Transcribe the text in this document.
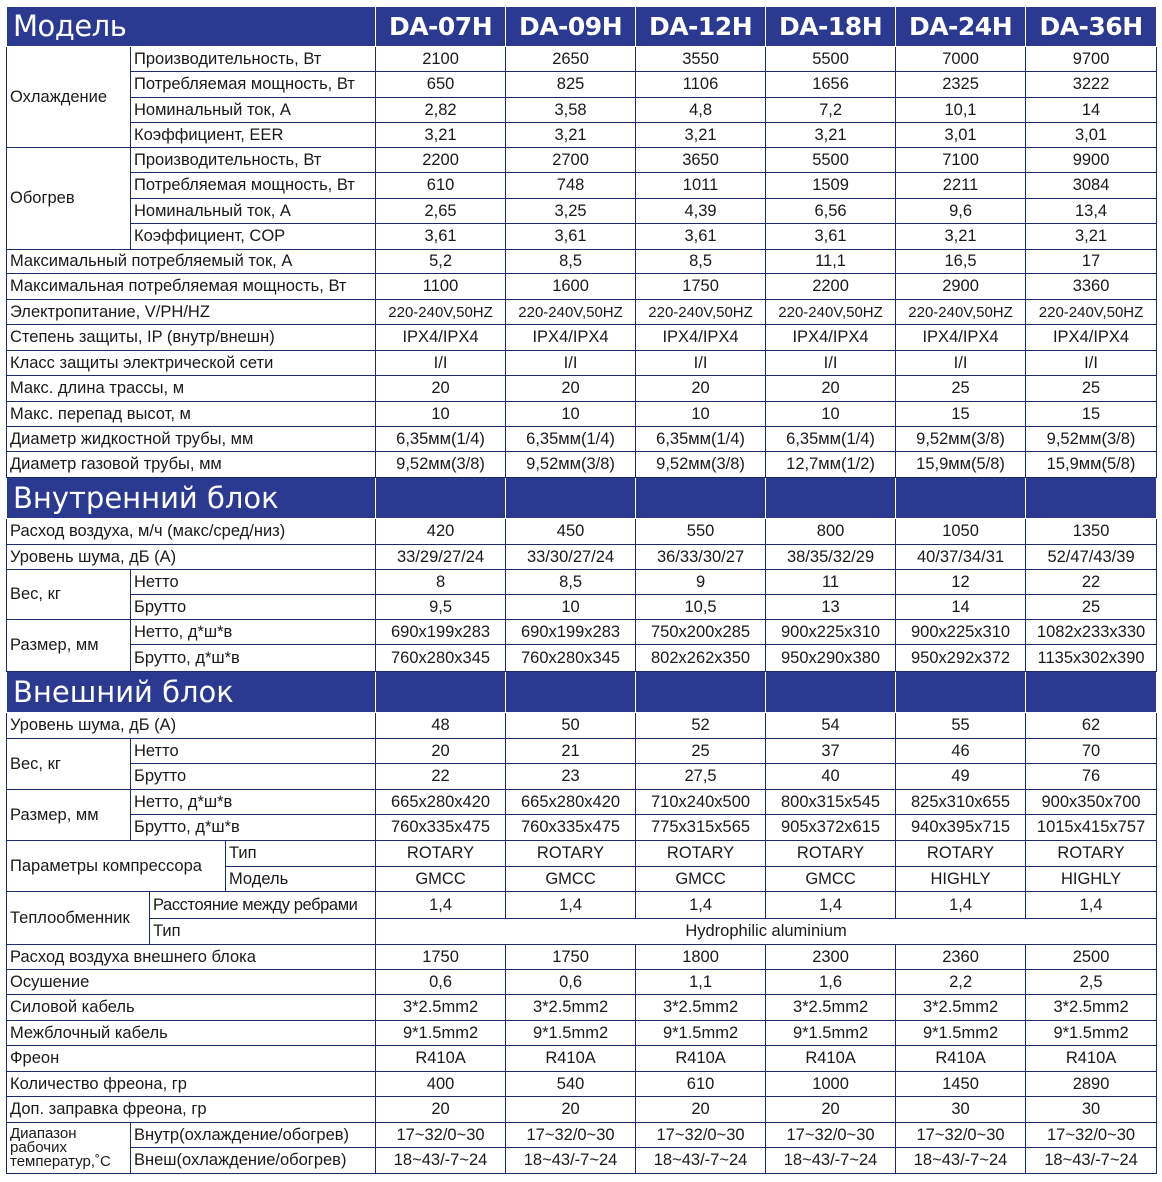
Модель				DA-07H	DA-09H	DA-12H	DA-18H	DA-24H	DA-36H
Охлаждение	Производительность, Вт			2100	2650	3550	5500	7000	9700
	Потребляемая мощность, Вт			650	825	1106	1656	2325	3222
	Номинальный ток, А			2,82	3,58	4,8	7,2	10,1	14
	Коэффициент, EER			3,21	3,21	3,21	3,21	3,01	3,01
Обогрев	Производительность, Вт			2200	2700	3650	5500	7100	9900
	Потребляемая мощность, Вт			610	748	1011	1509	2211	3084
	Номинальный ток, А			2,65	3,25	4,39	6,56	9,6	13,4
	Коэффициент, COP			3,61	3,61	3,61	3,61	3,21	3,21
Максимальный потребляемый ток, А				5,2	8,5	8,5	11,1	16,5	17
Максимальная потребляемая мощность, Вт				1100	1600	1750	2200	2900	3360
Электропитание, V/PH/HZ				220-240V,50HZ	220-240V,50HZ	220-240V,50HZ	220-240V,50HZ	220-240V,50HZ	220-240V,50HZ
Степень защиты, IP (внутр/внешн)				IPX4/IPX4	IPX4/IPX4	IPX4/IPX4	IPX4/IPX4	IPX4/IPX4	IPX4/IPX4
Класс защиты электрической сети				I/I	I/I	I/I	I/I	I/I	I/I
Макс. длина трассы, м				20	20	20	20	25	25
Макс. перепад высот, м				10	10	10	10	15	15
Диаметр жидкостной трубы, мм				6,35мм(1/4)	6,35мм(1/4)	6,35мм(1/4)	6,35мм(1/4)	9,52мм(3/8)	9,52мм(3/8)
Диаметр газовой трубы, мм				9,52мм(3/8)	9,52мм(3/8)	9,52мм(3/8)	12,7мм(1/2)	15,9мм(5/8)	15,9мм(5/8)
Внутренний блок									
Расход воздуха, м/ч (макс/сред/низ)				420	450	550	800	1050	1350
Уровень шума, дБ (А)				33/29/27/24	33/30/27/24	36/33/30/27	38/35/32/29	40/37/34/31	52/47/43/39
Вес, кг	Нетто			8	8,5	9	11	12	22
	Брутто			9,5	10	10,5	13	14	25
Размер, мм	Нетто, д*ш*в			690x199x283	690x199x283	750x200x285	900x225x310	900x225x310	1082x233x330
	Брутто, д*ш*в			760x280x345	760x280x345	802x262x350	950x290x380	950x292x372	1135x302x390
Внешний блок									
Уровень шума, дБ (А)				48	50	52	54	55	62
Вес, кг	Нетто			20	21	25	37	46	70
	Брутто			22	23	27,5	40	49	76
Размер, мм	Нетто, д*ш*в			665x280x420	665x280x420	710x240x500	800x315x545	825x310x655	900x350x700
	Брутто, д*ш*в			760x335x475	760x335x475	775x315x565	905x372x615	940x395x715	1015x415x757
Параметры компрессора			Тип	ROTARY	ROTARY	ROTARY	ROTARY	ROTARY	ROTARY
			Модель	GMCC	GMCC	GMCC	GMCC	HIGHLY	HIGHLY
Теплообменник		Расстояние между ребрами		1,4	1,4	1,4	1,4	1,4	1,4
		Тип		Hydrophilic aluminium					
Расход воздуха внешнего блока				1750	1750	1800	2300	2360	2500
Осушение				0,6	0,6	1,1	1,6	2,2	2,5
Силовой кабель				3*2.5mm2	3*2.5mm2	3*2.5mm2	3*2.5mm2	3*2.5mm2	3*2.5mm2
Межблочный кабель				9*1.5mm2	9*1.5mm2	9*1.5mm2	9*1.5mm2	9*1.5mm2	9*1.5mm2
Фреон				R410A	R410A	R410A	R410A	R410A	R410A
Количество фреона, гр				400	540	610	1000	1450	2890
Доп. заправка фреона, гр				20	20	20	20	30	30
Диапазон рабочих температур,˚С	Внутр(охлаждение/обогрев)			17~32/0~30	17~32/0~30	17~32/0~30	17~32/0~30	17~32/0~30	17~32/0~30
	Внеш(охлаждение/обогрев)			18~43/-7~24	18~43/-7~24	18~43/-7~24	18~43/-7~24	18~43/-7~24	18~43/-7~24
